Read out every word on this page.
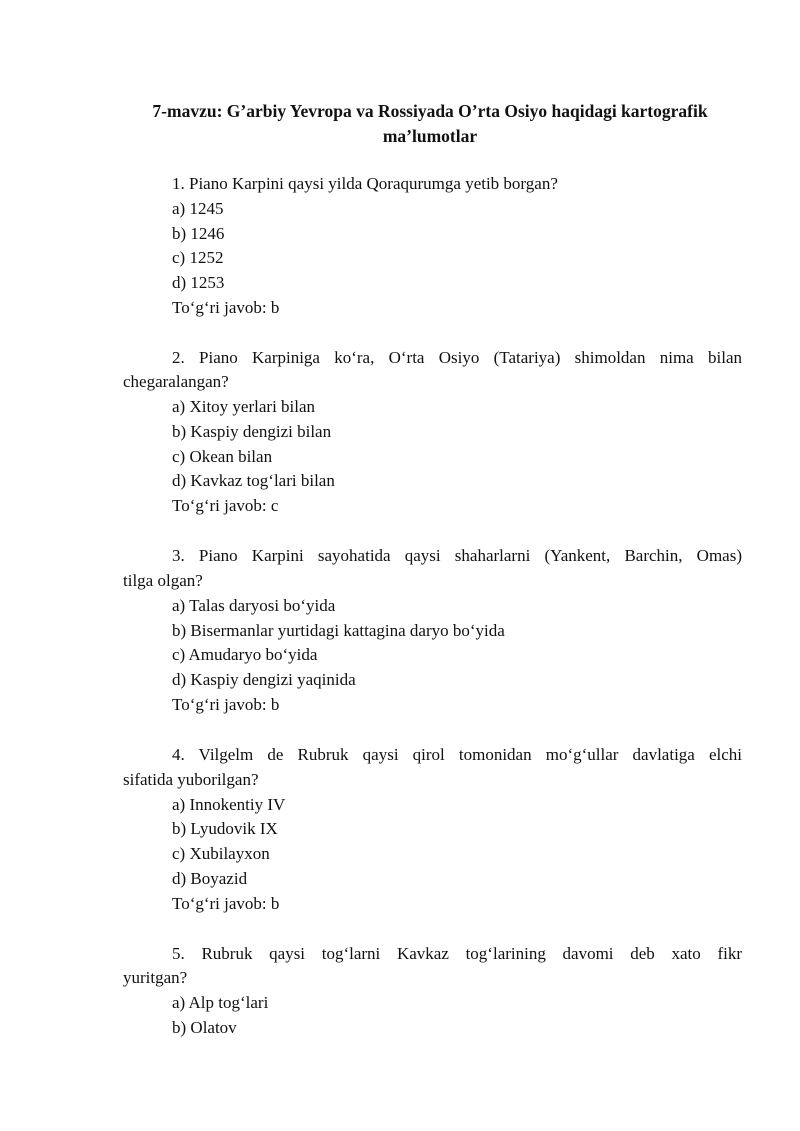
7-mavzu: G’arbiy Yevropa va Rossiyada O’rta Osiyo haqidagi kartografik
ma’lumotlar
1. Piano Karpini qaysi yilda Qoraqurumga yetib borgan?
a) 1245
b) 1246
c) 1252
d) 1253
To‘g‘ri javob: b
2. Piano Karpiniga ko‘ra, O‘rta Osiyo (Tatariya) shimoldan nima bilan
chegaralangan?
a) Xitoy yerlari bilan
b) Kaspiy dengizi bilan
c) Okean bilan
d) Kavkaz tog‘lari bilan
To‘g‘ri javob: c
3. Piano Karpini sayohatida qaysi shaharlarni (Yankent, Barchin, Omas)
tilga olgan?
a) Talas daryosi bo‘yida
b) Bisermanlar yurtidagi kattagina daryo bo‘yida
c) Amudaryo bo‘yida
d) Kaspiy dengizi yaqinida
To‘g‘ri javob: b
4. Vilgelm de Rubruk qaysi qirol tomonidan mo‘g‘ullar davlatiga elchi
sifatida yuborilgan?
a) Innokentiy IV
b) Lyudovik IX
c) Xubilayxon
d) Boyazid
To‘g‘ri javob: b
5. Rubruk qaysi tog‘larni Kavkaz tog‘larining davomi deb xato fikr
yuritgan?
a) Alp tog‘lari
b) Olatov
